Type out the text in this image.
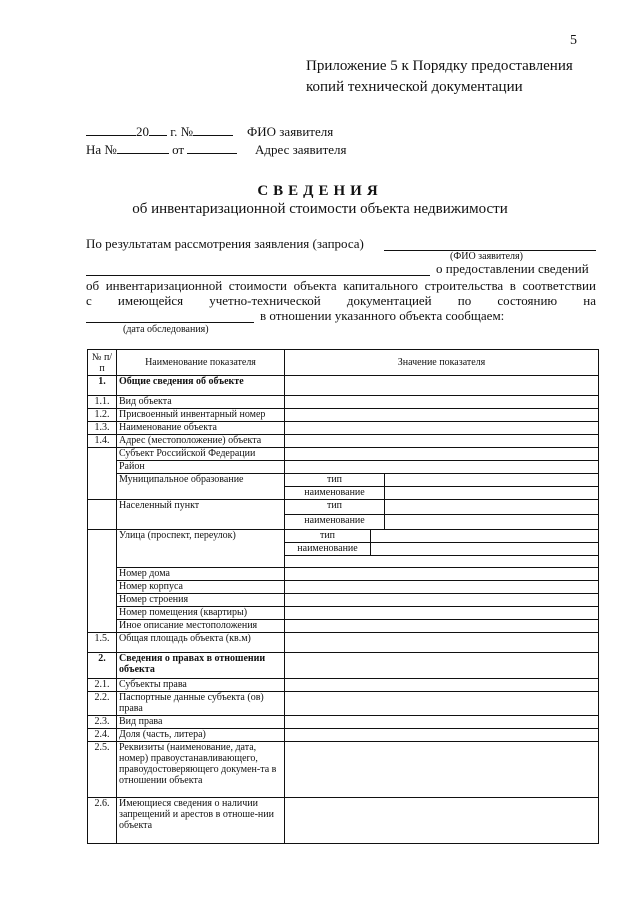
5
Приложение 5 к Порядку предоставления
копий технической документации
20 г. №	ФИО заявителя
На №	от	Адрес заявителя
СВЕДЕНИЯ
об инвентаризационной стоимости объекта недвижимости
По результатам рассмотрения заявления (запроса)
(ФИО заявителя)
о предоставлении сведений
об инвентаризационной стоимости объекта капитального строительства в соответствии
с имеющейся учетно-технической документацией по состоянию на
в отношении указанного объекта сообщаем:
(дата обследования)
№ п/п	Наименование показателя	Значение показателя		
1.	Общие сведения об объекте			
1.1.	Вид объекта			
1.2.	Присвоенный инвентарный номер			
1.3.	Наименование объекта			
1.4.	Адрес (местоположение) объекта			
	Субъект Российской Федерации			
	Район			
	Муниципальное образование	тип		
		наименование		
	Населенный пункт	тип		
		наименование		
	Улица (проспект, переулок)	тип		
		наименование		

	Номер дома			
	Номер корпуса			
	Номер строения			
	Номер помещения (квартиры)			
	Иное описание местоположения			
1.5.	Общая площадь объекта (кв.м)			
2.	Сведения о правах в отношении объекта			
2.1.	Субъекты права			
2.2.	Паспортные данные субъекта (ов) права			
2.3.	Вид права			
2.4.	Доля (часть, литера)			
2.5.	Реквизиты (наименование, дата, номер) правоустанавливающего, правоудостоверяющего докумен-та в отношении объекта			
2.6.	Имеющиеся сведения о наличии запрещений и арестов в отноше-нии объекта			
